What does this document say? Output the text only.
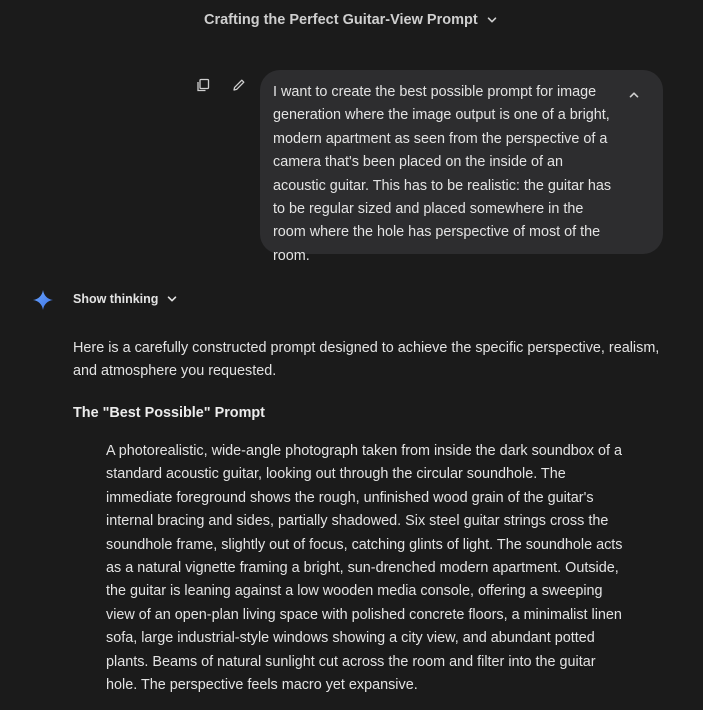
Crafting the Perfect Guitar-View Prompt
I want to create the best possible prompt for image generation where the image output is one of a bright, modern apartment as seen from the perspective of a camera that's been placed on the inside of an acoustic guitar. This has to be realistic: the guitar has to be regular sized and placed somewhere in the room where the hole has perspective of most of the room.
Show thinking

Here is a carefully constructed prompt designed to achieve the specific perspective, realism, and atmosphere you requested.

The "Best Possible" Prompt

A photorealistic, wide-angle photograph taken from inside the dark soundbox of a standard acoustic guitar, looking out through the circular soundhole. The immediate foreground shows the rough, unfinished wood grain of the guitar's internal bracing and sides, partially shadowed. Six steel guitar strings cross the soundhole frame, slightly out of focus, catching glints of light. The soundhole acts as a natural vignette framing a bright, sun-drenched modern apartment. Outside, the guitar is leaning against a low wooden media console, offering a sweeping view of an open-plan living space with polished concrete floors, a minimalist linen sofa, large industrial-style windows showing a city view, and abundant potted plants. Beams of natural sunlight cut across the room and filter into the guitar hole. The perspective feels macro yet expansive.
